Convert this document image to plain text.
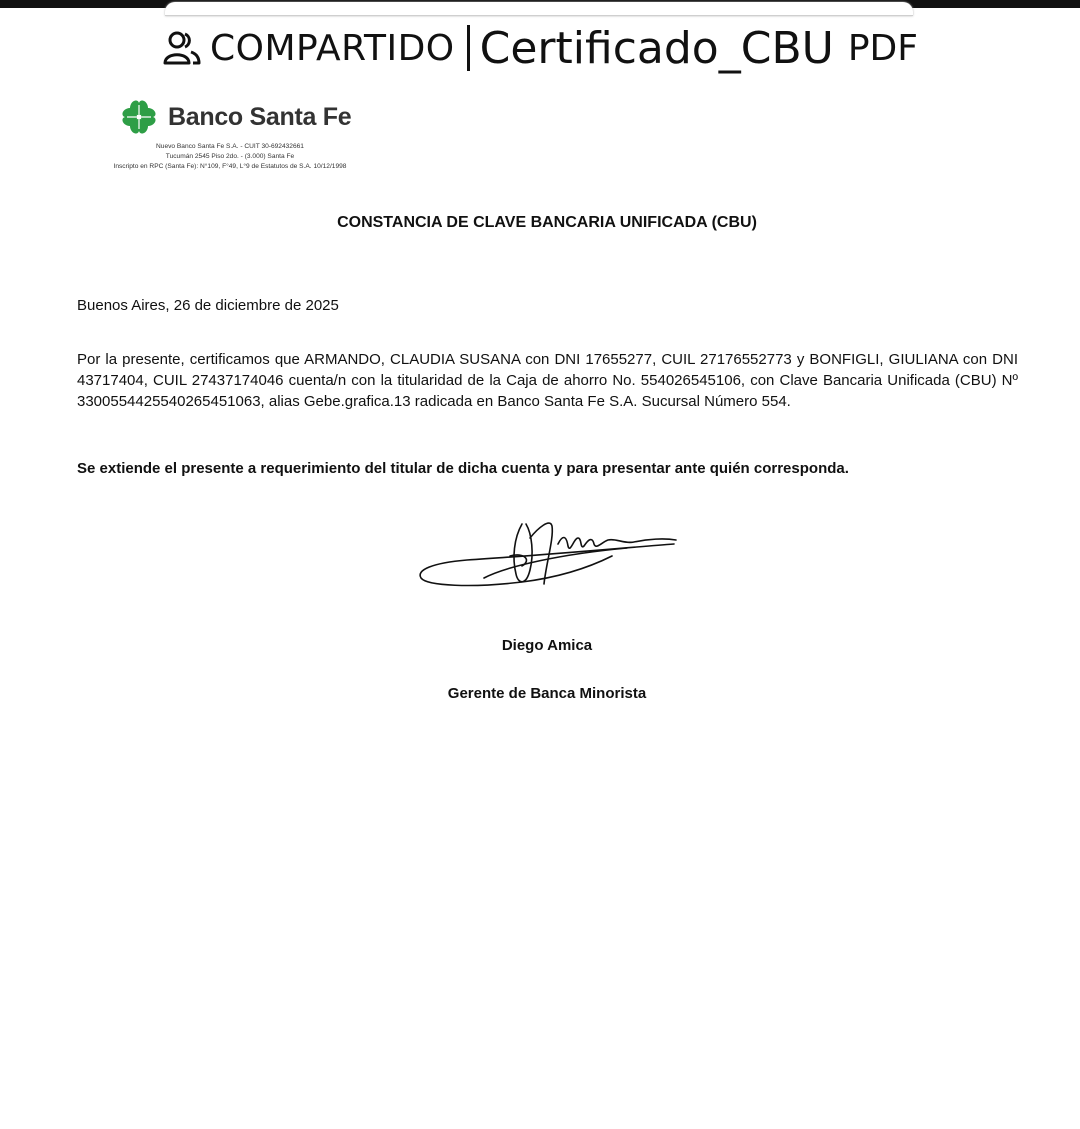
COMPARTIDO Certificado_CBU PDF
Banco Santa Fe
Nuevo Banco Santa Fe S.A. - CUIT 30-692432661
Tucumán 2545 Piso 2do. - (3.000) Santa Fe
Inscripto en RPC (Santa Fe): N°109, F°49, L°9 de Estatutos de S.A. 10/12/1998
CONSTANCIA DE CLAVE BANCARIA UNIFICADA (CBU)
Buenos Aires, 26 de diciembre de 2025
Por la presente, certificamos que ARMANDO, CLAUDIA SUSANA con DNI 17655277, CUIL 27176552773 y BONFIGLI, GIULIANA con DNI 43717404, CUIL 27437174046 cuenta/n con la titularidad de la Caja de ahorro No. 554026545106, con Clave Bancaria Unificada (CBU) Nº 3300554425540265451063, alias Gebe.grafica.13 radicada en Banco Santa Fe S.A. Sucursal Número 554.
Se extiende el presente a requerimiento del titular de dicha cuenta y para presentar ante quién corresponda.
Diego Amica
Gerente de Banca Minorista
